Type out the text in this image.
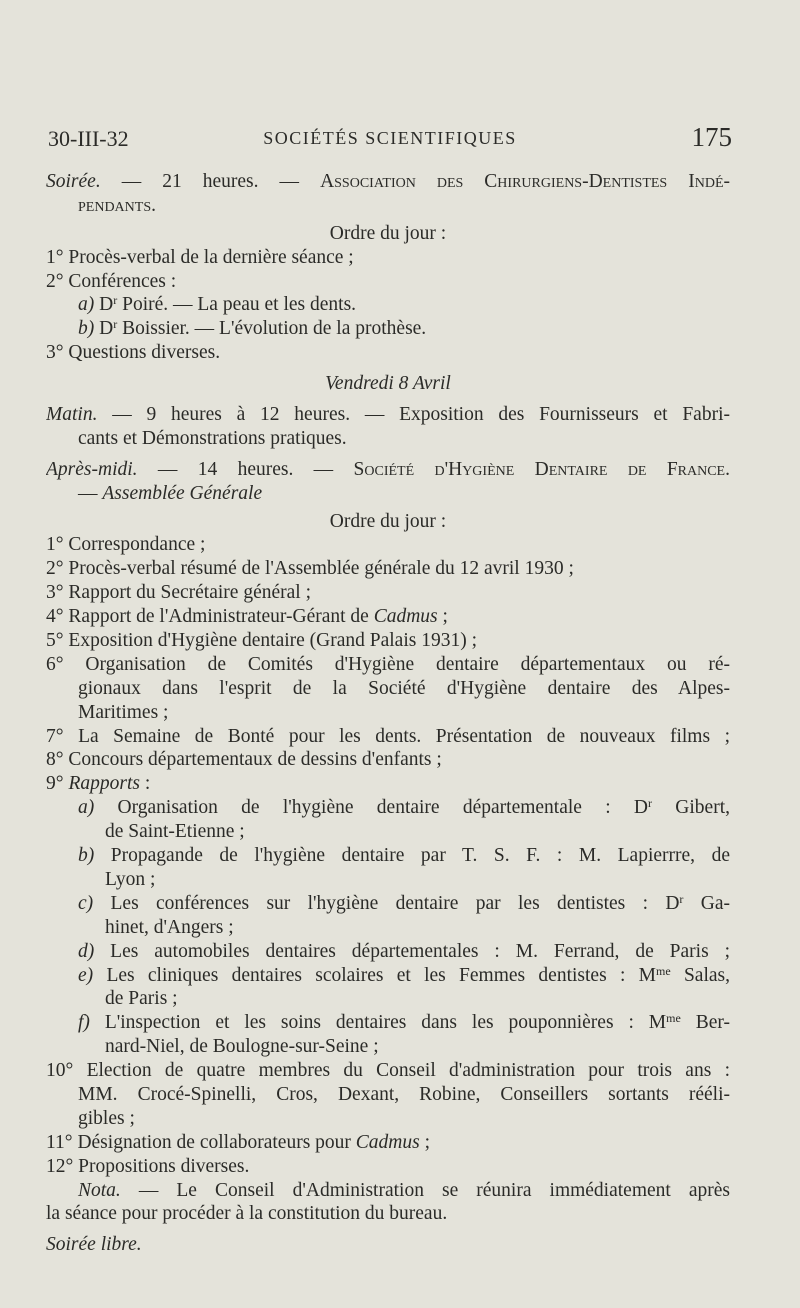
30-III-32	SOCIÉTÉS SCIENTIFIQUES	175
Soirée. — 21 heures. — Association des Chirurgiens-Dentistes Indé-
pendants.
Ordre du jour :
1° Procès-verbal de la dernière séance ;
2° Conférences :
a) $D^r$ Poiré. — La peau et les dents.
b) $D^r$ Boissier. — L'évolution de la prothèse.
3° Questions diverses.
Vendredi 8 Avril
Matin. — 9 heures à 12 heures. — Exposition des Fournisseurs et Fabri-
cants et Démonstrations pratiques.
Après-midi. — 14 heures. — Société d'Hygiène Dentaire de France.
— Assemblée Générale
Ordre du jour :
1° Correspondance ;
2° Procès-verbal résumé de l'Assemblée générale du 12 avril 1930 ;
3° Rapport du Secrétaire général ;
4° Rapport de l'Administrateur-Gérant de Cadmus ;
5° Exposition d'Hygiène dentaire (Grand Palais 1931) ;
6° Organisation de Comités d'Hygiène dentaire départementaux ou ré-
gionaux dans l'esprit de la Société d'Hygiène dentaire des Alpes-
Maritimes ;
7° La Semaine de Bonté pour les dents. Présentation de nouveaux films ;
8° Concours départementaux de dessins d'enfants ;
9° Rapports :
a) Organisation de l'hygiène dentaire départementale : $D^r$ Gibert,
de Saint-Etienne ;
b) Propagande de l'hygiène dentaire par T. S. F. : M. Lapierrre, de
Lyon ;
c) Les conférences sur l'hygiène dentaire par les dentistes : $D^r$ Ga-
hinet, d'Angers ;
d) Les automobiles dentaires départementales : M. Ferrand, de Paris ;
e) Les cliniques dentaires scolaires et les Femmes dentistes : $M^{me}$ Salas,
de Paris ;
f) L'inspection et les soins dentaires dans les pouponnières : $M^{me}$ Ber-
nard-Niel, de Boulogne-sur-Seine ;
10° Election de quatre membres du Conseil d'administration pour trois ans :
MM. Crocé-Spinelli, Cros, Dexant, Robine, Conseillers sortants rééli-
gibles ;
11° Désignation de collaborateurs pour Cadmus ;
12° Propositions diverses.
Nota. — Le Conseil d'Administration se réunira immédiatement après
la séance pour procéder à la constitution du bureau.
Soirée libre.
